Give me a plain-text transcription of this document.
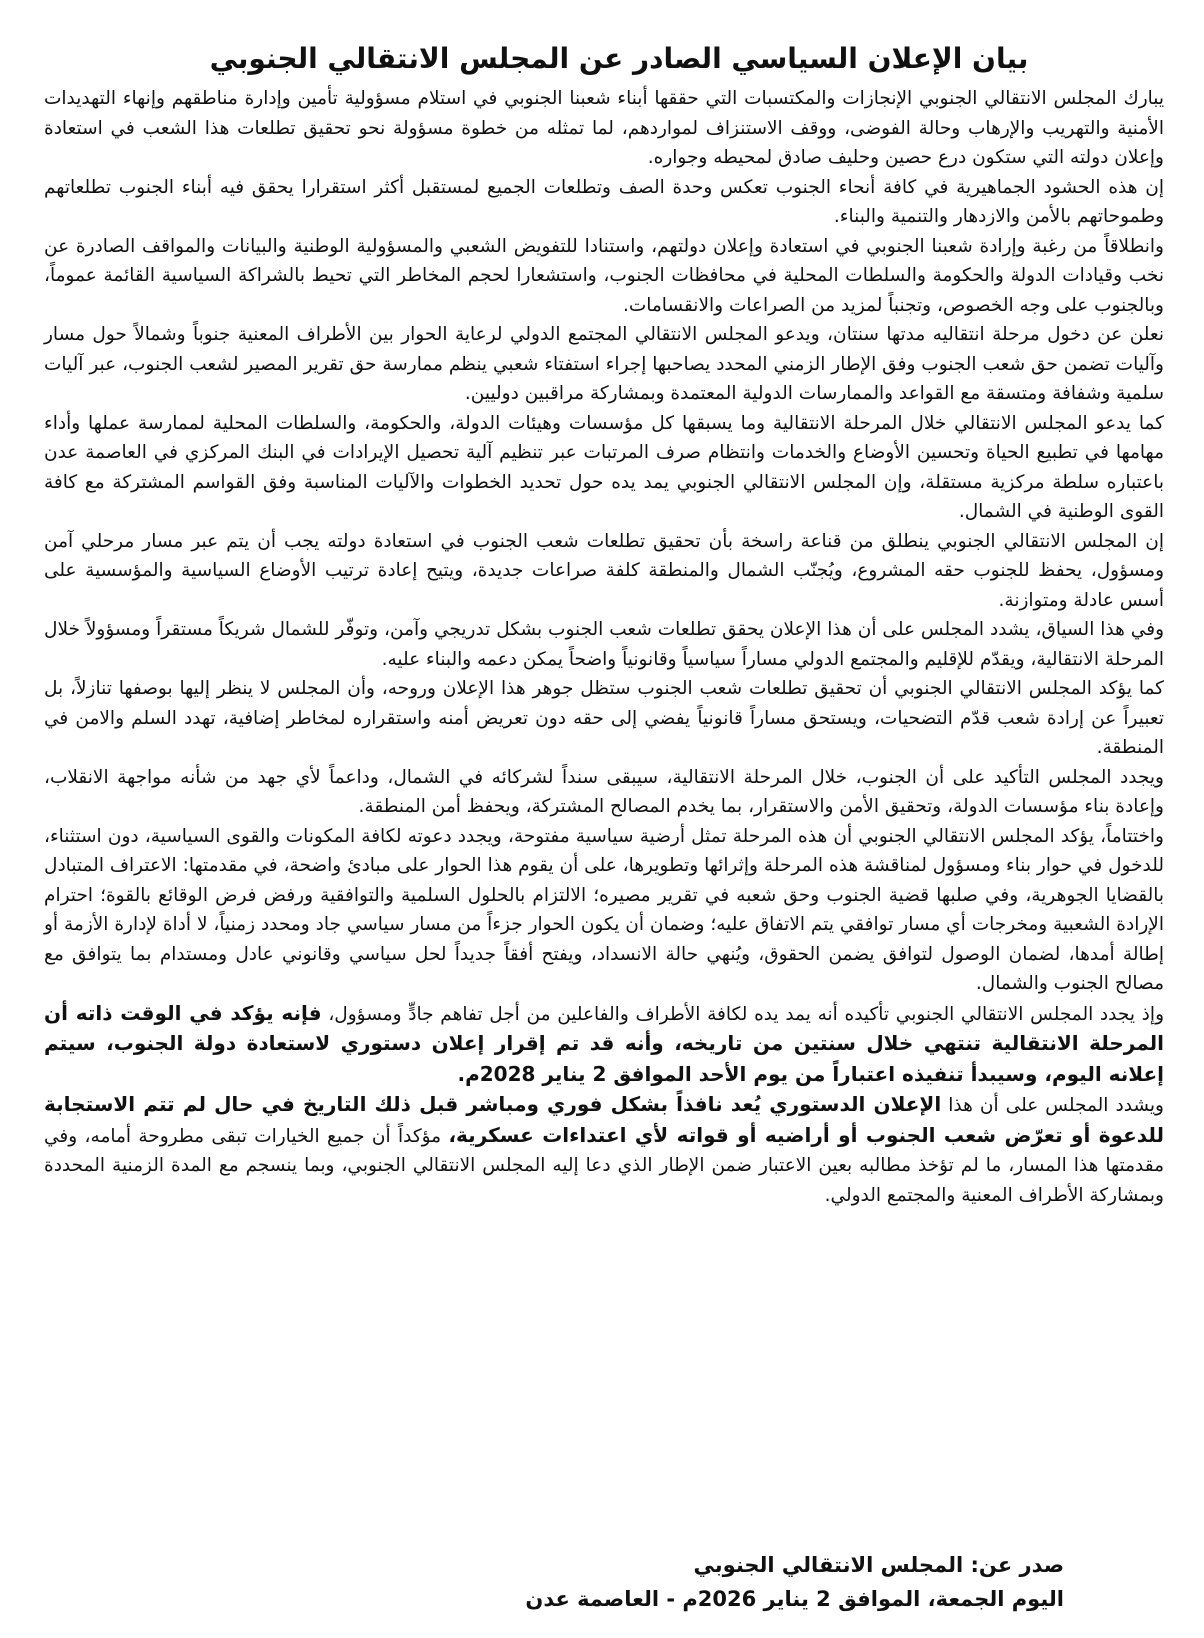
بيان الإعلان السياسي الصادر عن المجلس الانتقالي الجنوبي

يبارك المجلس الانتقالي الجنوبي الإنجازات والمكتسبات التي حققها أبناء شعبنا الجنوبي في استلام مسؤولية تأمين وإدارة مناطقهم وإنهاء التهديدات الأمنية والتهريب والإرهاب وحالة الفوضى، ووقف الاستنزاف لمواردهم، لما تمثله من خطوة مسؤولة نحو تحقيق تطلعات هذا الشعب في استعادة وإعلان دولته التي ستكون درع حصين وحليف صادق لمحيطه وجواره.

إن هذه الحشود الجماهيرية في كافة أنحاء الجنوب تعكس وحدة الصف وتطلعات الجميع لمستقبل أكثر استقرارا يحقق فيه أبناء الجنوب تطلعاتهم وطموحاتهم بالأمن والازدهار والتنمية والبناء.

وانطلاقاً من رغبة وإرادة شعبنا الجنوبي في استعادة وإعلان دولتهم، واستنادا للتفويض الشعبي والمسؤولية الوطنية والبيانات والمواقف الصادرة عن نخب وقيادات الدولة والحكومة والسلطات المحلية في محافظات الجنوب، واستشعارا لحجم المخاطر التي تحيط بالشراكة السياسية القائمة عموماً، وبالجنوب على وجه الخصوص، وتجنباً لمزيد من الصراعات والانقسامات.

نعلن عن دخول مرحلة انتقاليه مدتها سنتان، ويدعو المجلس الانتقالي المجتمع الدولي لرعاية الحوار بين الأطراف المعنية جنوباً وشمالاً حول مسار وآليات تضمن حق شعب الجنوب وفق الإطار الزمني المحدد يصاحبها إجراء استفتاء شعبي ينظم ممارسة حق تقرير المصير لشعب الجنوب، عبر آليات سلمية وشفافة ومتسقة مع القواعد والممارسات الدولية المعتمدة وبمشاركة مراقبين دوليين.

كما يدعو المجلس الانتقالي خلال المرحلة الانتقالية وما يسبقها كل مؤسسات وهيئات الدولة، والحكومة، والسلطات المحلية لممارسة عملها وأداء مهامها في تطبيع الحياة وتحسين الأوضاع والخدمات وانتظام صرف المرتبات عبر تنظيم آلية تحصيل الإيرادات في البنك المركزي في العاصمة عدن باعتباره سلطة مركزية مستقلة، وإن المجلس الانتقالي الجنوبي يمد يده حول تحديد الخطوات والآليات المناسبة وفق القواسم المشتركة مع كافة القوى الوطنية في الشمال.

إن المجلس الانتقالي الجنوبي ينطلق من قناعة راسخة بأن تحقيق تطلعات شعب الجنوب في استعادة دولته يجب أن يتم عبر مسار مرحلي آمن ومسؤول، يحفظ للجنوب حقه المشروع، ويُجنّب الشمال والمنطقة كلفة صراعات جديدة، ويتيح إعادة ترتيب الأوضاع السياسية والمؤسسية على أسس عادلة ومتوازنة.

وفي هذا السياق، يشدد المجلس على أن هذا الإعلان يحقق تطلعات شعب الجنوب بشكل تدريجي وآمن، وتوفّر للشمال شريكاً مستقراً ومسؤولاً خلال المرحلة الانتقالية، ويقدّم للإقليم والمجتمع الدولي مساراً سياسياً وقانونياً واضحاً يمكن دعمه والبناء عليه.

كما يؤكد المجلس الانتقالي الجنوبي أن تحقيق تطلعات شعب الجنوب ستظل جوهر هذا الإعلان وروحه، وأن المجلس لا ينظر إليها بوصفها تنازلاً، بل تعبيراً عن إرادة شعب قدّم التضحيات، ويستحق مساراً قانونياً يفضي إلى حقه دون تعريض أمنه واستقراره لمخاطر إضافية، تهدد السلم والامن في المنطقة.

ويجدد المجلس التأكيد على أن الجنوب، خلال المرحلة الانتقالية، سيبقى سنداً لشركائه في الشمال، وداعماً لأي جهد من شأنه مواجهة الانقلاب، وإعادة بناء مؤسسات الدولة، وتحقيق الأمن والاستقرار، بما يخدم المصالح المشتركة، ويحفظ أمن المنطقة.

واختتاماً، يؤكد المجلس الانتقالي الجنوبي أن هذه المرحلة تمثل أرضية سياسية مفتوحة، ويجدد دعوته لكافة المكونات والقوى السياسية، دون استثناء، للدخول في حوار بناء ومسؤول لمناقشة هذه المرحلة وإثرائها وتطويرها، على أن يقوم هذا الحوار على مبادئ واضحة، في مقدمتها: الاعتراف المتبادل بالقضايا الجوهرية، وفي صلبها قضية الجنوب وحق شعبه في تقرير مصيره؛ الالتزام بالحلول السلمية والتوافقية ورفض فرض الوقائع بالقوة؛ احترام الإرادة الشعبية ومخرجات أي مسار توافقي يتم الاتفاق عليه؛ وضمان أن يكون الحوار جزءاً من مسار سياسي جاد ومحدد زمنياً، لا أداة لإدارة الأزمة أو إطالة أمدها، لضمان الوصول لتوافق يضمن الحقوق، ويُنهي حالة الانسداد، ويفتح أفقاً جديداً لحل سياسي وقانوني عادل ومستدام بما يتوافق مع مصالح الجنوب والشمال.

وإذ يجدد المجلس الانتقالي الجنوبي تأكيده أنه يمد يده لكافة الأطراف والفاعلين من أجل تفاهم جادٍّ ومسؤول، فإنه يؤكد في الوقت ذاته أن المرحلة الانتقالية تنتهي خلال سنتين من تاريخه، وأنه قد تم إقرار إعلان دستوري لاستعادة دولة الجنوب، سيتم إعلانه اليوم، وسيبدأ تنفيذه اعتباراً من يوم الأحد الموافق 2 يناير 2028م.

ويشدد المجلس على أن هذا الإعلان الدستوري يُعد نافذاً بشكل فوري ومباشر قبل ذلك التاريخ في حال لم تتم الاستجابة للدعوة أو تعرّض شعب الجنوب أو أراضيه أو قواته لأي اعتداءات عسكرية، مؤكداً أن جميع الخيارات تبقى مطروحة أمامه، وفي مقدمتها هذا المسار، ما لم تؤخذ مطالبه بعين الاعتبار ضمن الإطار الذي دعا إليه المجلس الانتقالي الجنوبي، وبما ينسجم مع المدة الزمنية المحددة وبمشاركة الأطراف المعنية والمجتمع الدولي.

صدر عن: المجلس الانتقالي الجنوبي
اليوم الجمعة، الموافق 2 يناير 2026م - العاصمة عدن
